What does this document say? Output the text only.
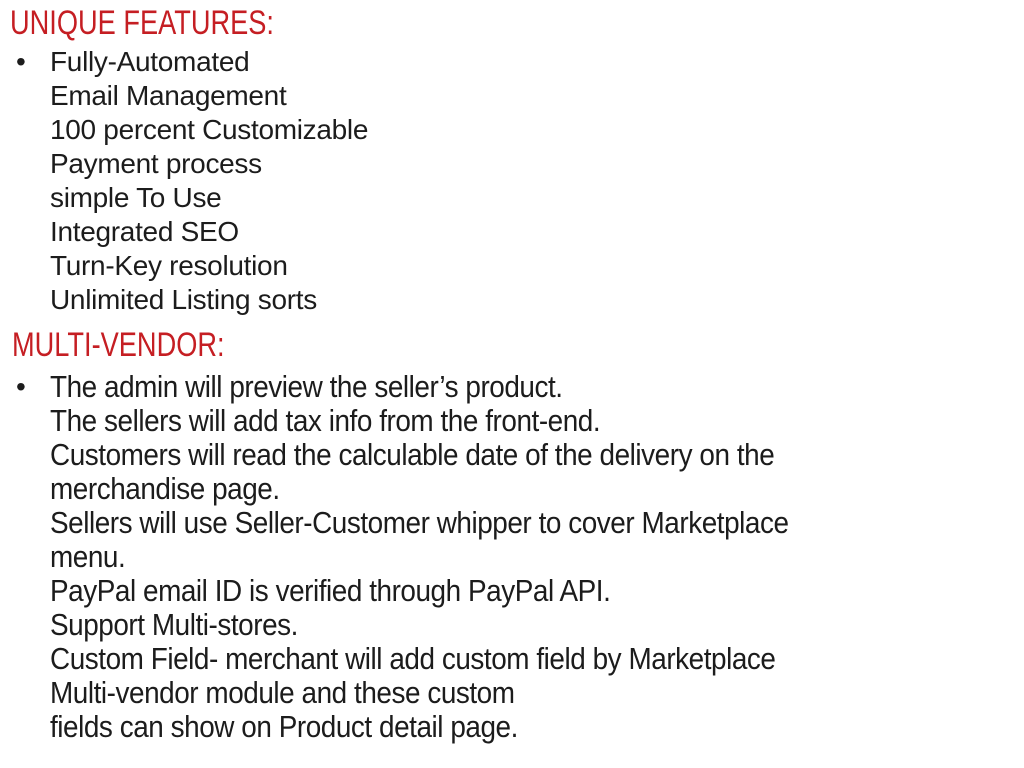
UNIQUE FEATURES:
• Fully-Automated
Email Management
100 percent Customizable
Payment process
simple To Use
Integrated SEO
Turn-Key resolution
Unlimited Listing sorts
MULTI-VENDOR:
• The admin will preview the seller’s product.
The sellers will add tax info from the front-end.
Customers will read the calculable date of the delivery on the
merchandise page.
Sellers will use Seller-Customer whipper to cover Marketplace
menu.
PayPal email ID is verified through PayPal API.
Support Multi-stores.
Custom Field- merchant will add custom field by Marketplace
Multi-vendor module and these custom
fields can show on Product detail page.
